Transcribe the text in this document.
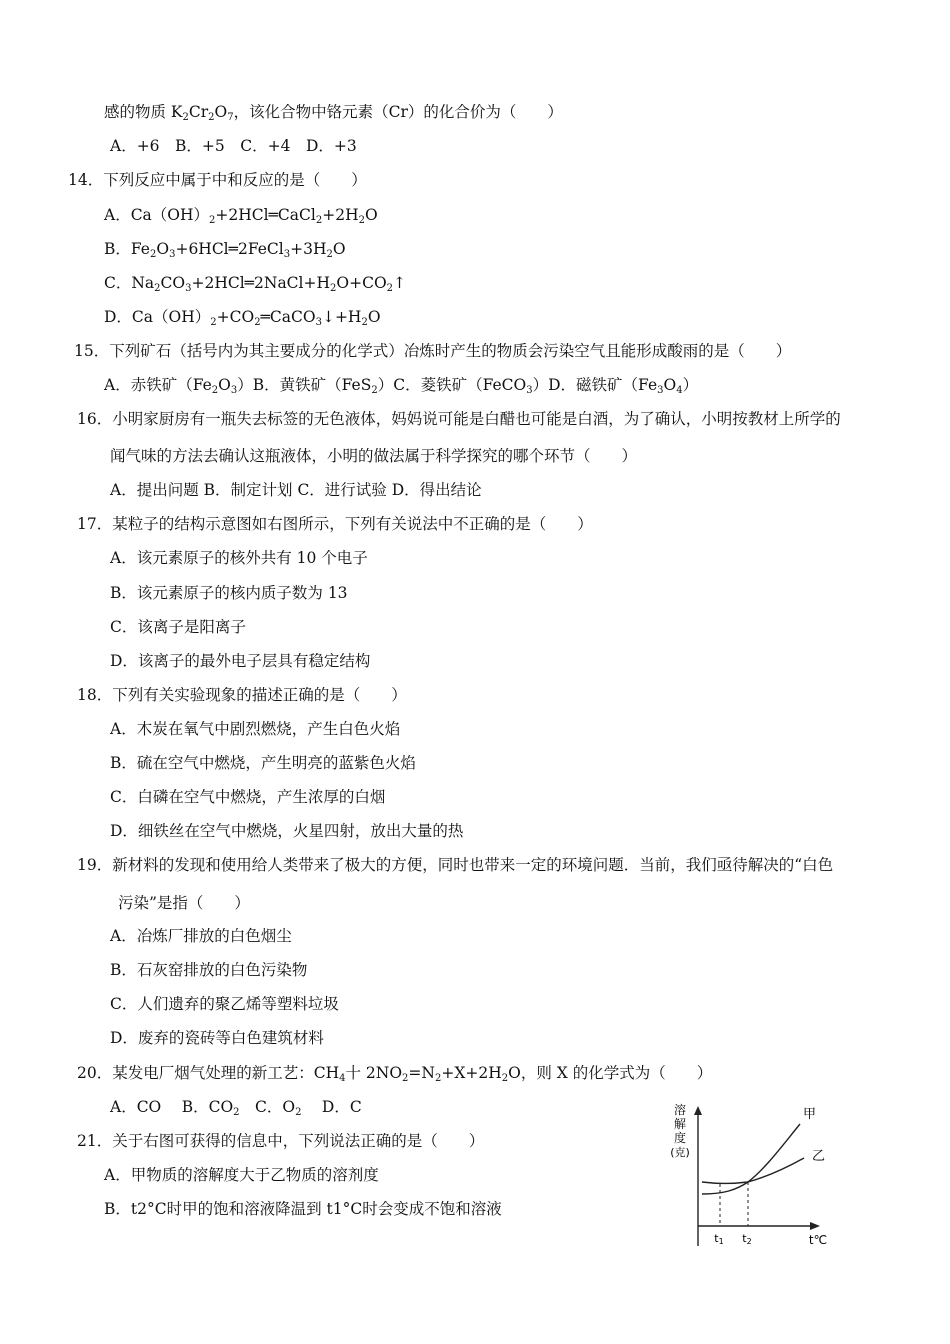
感的物质 $K_2Cr_2O_7$，该化合物中铬元素（Cr）的化合价为（　　）
A．+6　B．+5　C．+4　D．+3
14．下列反应中属于中和反应的是（　　）
A．$Ca(OH)_2+2HCl═CaCl_2+2H_2O$
B．$Fe_2O_3+6HCl═2FeCl_3+3H_2O$
C．$Na_2CO_3+2HCl═2NaCl+H_2O+CO_2↑$
D．$Ca(OH)_2+CO_2═CaCO_3↓+H_2O$
15．下列矿石（括号内为其主要成分的化学式）冶炼时产生的物质会污染空气且能形成酸雨的是（　　）
A．赤铁矿$(Fe_2O_3)B$．黄铁矿（FeS$_2$）C．菱铁矿（FeCO$_3$）D．磁铁矿$(Fe_3O_4)$
16．小明家厨房有一瓶失去标签的无色液体，妈妈说可能是白醋也可能是白酒，为了确认，小明按教材上所学的
闻气味的方法去确认这瓶液体，小明的做法属于科学探究的哪个环节（　　）
A．提出问题 B．制定计划 C．进行试验 D．得出结论
17．某粒子的结构示意图如右图所示，下列有关说法中不正确的是（　　）
A．该元素原子的核外共有 10 个电子
B．该元素原子的核内质子数为 13
C．该离子是阳离子
D．该离子的最外电子层具有稳定结构
18．下列有关实验现象的描述正确的是（　　）
A．木炭在氧气中剧烈燃烧，产生白色火焰
B．硫在空气中燃烧，产生明亮的蓝紫色火焰
C．白磷在空气中燃烧，产生浓厚的白烟
D．细铁丝在空气中燃烧，火星四射，放出大量的热
19．新材料的发现和使用给人类带来了极大的方便，同时也带来一定的环境问题．当前，我们亟待解决的“白色
污染”是指（　　）
A．冶炼厂排放的白色烟尘
B．石灰窑排放的白色污染物
C．人们遗弃的聚乙烯等塑料垃圾
D．废弃的瓷砖等白色建筑材料
20．某发电厂烟气处理的新工艺：$CH_4$十 $2NO_2=N_2+X+2H_2O$，则 X 的化学式为（　　）
A．CO　 B．$CO_2$　C．$O_2$　 D．C
21．关于右图可获得的信息中，下列说法正确的是（　　）
A．甲物质的溶解度大于乙物质的溶剂度
B．t2°C时甲的饱和溶液降温到 t1°C时会变成不饱和溶液
溶
解
度
(克)
甲
乙
t1 t2	t℃
